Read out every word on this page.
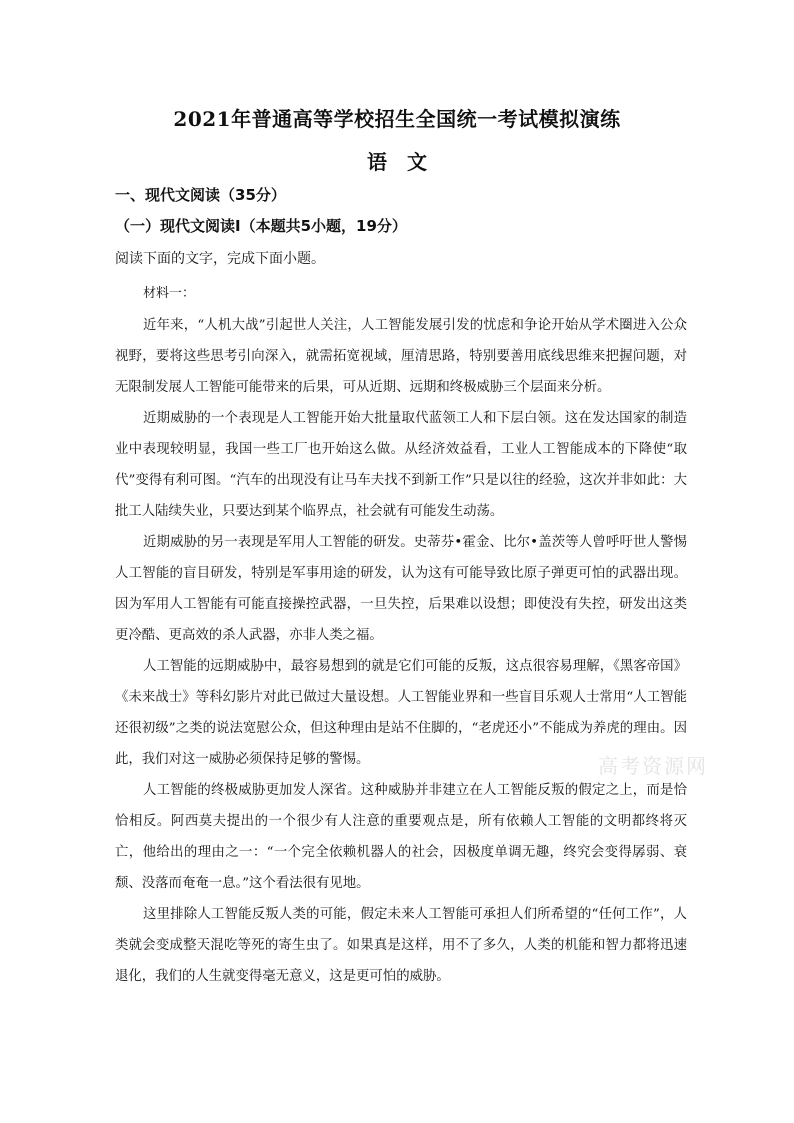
2021年普通高等学校招生全国统一考试模拟演练
语　文
一、现代文阅读（35分）
（一）现代文阅读Ⅰ（本题共5小题，19分）
阅读下面的文字，完成下面小题。
材料一：

近年来，“人机大战”引起世人关注，人工智能发展引发的忧虑和争论开始从学术圈进入公众视野，要将这些思考引向深入，就需拓宽视域，厘清思路，特别要善用底线思维来把握问题，对无限制发展人工智能可能带来的后果，可从近期、远期和终极威胁三个层面来分析。

近期威胁的一个表现是人工智能开始大批量取代蓝领工人和下层白领。这在发达国家的制造业中表现较明显，我国一些工厂也开始这么做。从经济效益看，工业人工智能成本的下降使“取代”变得有利可图。“汽车的出现没有让马车夫找不到新工作”只是以往的经验，这次并非如此：大批工人陆续失业，只要达到某个临界点，社会就有可能发生动荡。

近期威胁的另一表现是军用人工智能的研发。史蒂芬•霍金、比尔•盖茨等人曾呼吁世人警惕人工智能的盲目研发，特别是军事用途的研发，认为这有可能导致比原子弹更可怕的武器出现。因为军用人工智能有可能直接操控武器，一旦失控，后果难以设想；即使没有失控，研发出这类更冷酷、更高效的杀人武器，亦非人类之福。

人工智能的远期威胁中，最容易想到的就是它们可能的反叛，这点很容易理解，《黑客帝国》《未来战士》等科幻影片对此已做过大量设想。人工智能业界和一些盲目乐观人士常用“人工智能还很初级”之类的说法宽慰公众，但这种理由是站不住脚的，“老虎还小”不能成为养虎的理由。因此，我们对这一威胁必须保持足够的警惕。

人工智能的终极威胁更加发人深省。这种威胁并非建立在人工智能反叛的假定之上，而是恰恰相反。阿西莫夫提出的一个很少有人注意的重要观点是，所有依赖人工智能的文明都终将灭亡，他给出的理由之一：“一个完全依赖机器人的社会，因极度单调无趣，终究会变得孱弱、衰颓、没落而奄奄一息。”这个看法很有见地。

这里排除人工智能反叛人类的可能，假定未来人工智能可承担人们所希望的“任何工作”，人类就会变成整天混吃等死的寄生虫了。如果真是这样，用不了多久，人类的机能和智力都将迅速退化，我们的人生就变得毫无意义，这是更可怕的威胁。

高考资源网
